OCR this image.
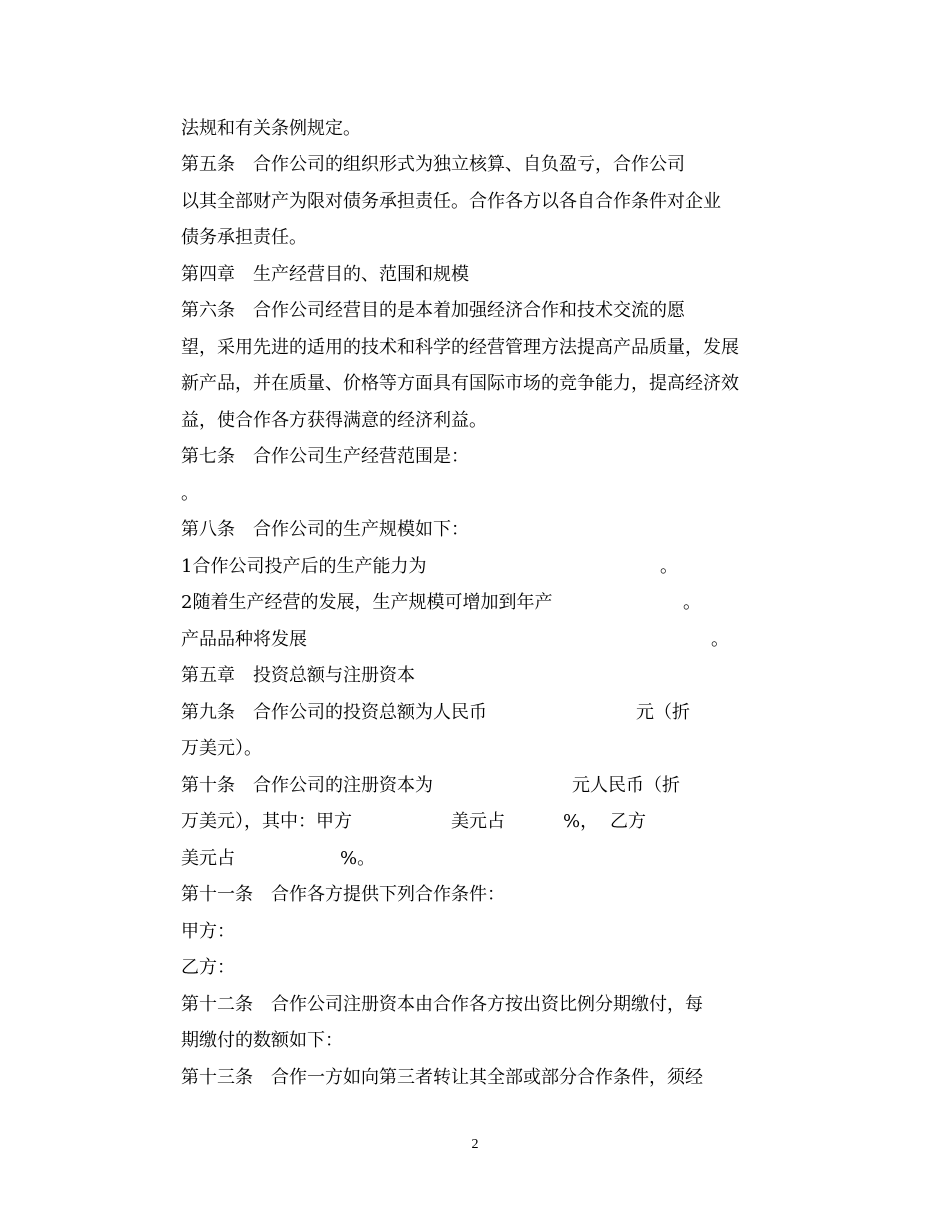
法规和有关条例规定。
第五条　合作公司的组织形式为独立核算、自负盈亏，合作公司
以其全部财产为限对债务承担责任。合作各方以各自合作条件对企业
债务承担责任。
第四章　生产经营目的、范围和规模
第六条　合作公司经营目的是本着加强经济合作和技术交流的愿
望，采用先进的适用的技术和科学的经营管理方法提高产品质量，发展
新产品，并在质量、价格等方面具有国际市场的竞争能力，提高经济效
益，使合作各方获得满意的经济利益。
第七条　合作公司生产经营范围是：
。
第八条　合作公司的生产规模如下：
1合作公司投产后的生产能力为	。
2随着生产经营的发展，生产规模可增加到年产	。
产品品种将发展	。
第五章　投资总额与注册资本
第九条　合作公司的投资总额为人民币	元（折
万美元）。
第十条　合作公司的注册资本为	元人民币（折
万美元），其中：甲方	美元占	%， 乙方
美元占	%。
第十一条　合作各方提供下列合作条件：
甲方：
乙方：
第十二条　合作公司注册资本由合作各方按出资比例分期缴付，每
期缴付的数额如下：
第十三条　合作一方如向第三者转让其全部或部分合作条件，须经
2
